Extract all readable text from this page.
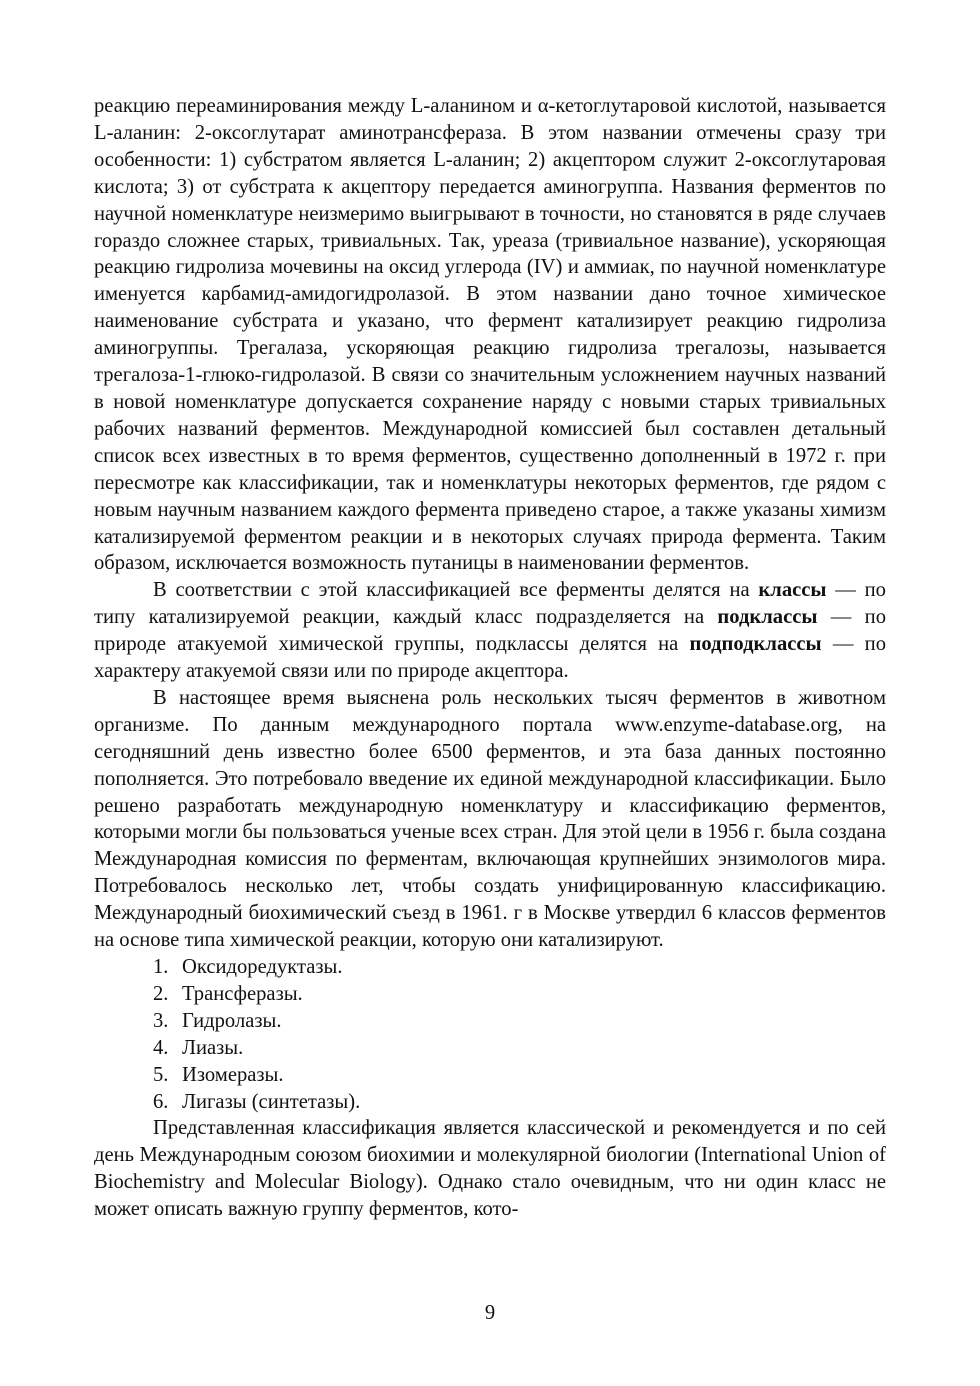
реакцию переаминирования между L-аланином и α-кетоглутаровой кислотой, называется L-аланин: 2-оксоглутарат аминотрансфераза. В этом названии отмечены сразу три особенности: 1) субстратом является L-аланин; 2) акцептором служит 2-оксоглутаровая кислота; 3) от субстрата к акцептору передается аминогруппа. Названия ферментов по научной номенклатуре неизмеримо выигрывают в точности, но становятся в ряде случаев гораздо сложнее старых, тривиальных. Так, уреаза (тривиальное название), ускоряющая реакцию гидролиза мочевины на оксид углерода (IV) и аммиак, по научной номенклатуре именуется карбамид-амидогидролазой. В этом названии дано точное химическое наименование субстрата и указано, что фермент катализирует реакцию гидролиза аминогруппы. Трегалаза, ускоряющая реакцию гидролиза трегалозы, называется трегалоза-1-глюко-гидролазой. В связи со значительным усложнением научных названий в новой номенклатуре допускается сохранение наряду с новыми старых тривиальных рабочих названий ферментов. Международной комиссией был составлен детальный список всех известных в то время ферментов, существенно дополненный в 1972 г. при пересмотре как классификации, так и номенклатуры некоторых ферментов, где рядом с новым научным названием каждого фермента приведено старое, а также указаны химизм катализируемой ферментом реакции и в некоторых случаях природа фермента. Таким образом, исключается возможность путаницы в наименовании ферментов.

В соответствии с этой классификацией все ферменты делятся на классы — по типу катализируемой реакции, каждый класс подразделяется на подклассы — по природе атакуемой химической группы, подклассы делятся на подподклассы — по характеру атакуемой связи или по природе акцептора.

В настоящее время выяснена роль нескольких тысяч ферментов в животном организме. По данным международного портала www.enzyme-database.org, на сегодняшний день известно более 6500 ферментов, и эта база данных постоянно пополняется. Это потребовало введение их единой международной классификации. Было решено разработать международную номенклатуру и классификацию ферментов, которыми могли бы пользоваться ученые всех стран. Для этой цели в 1956 г. была создана Международная комиссия по ферментам, включающая крупнейших энзимологов мира. Потребовалось несколько лет, чтобы создать унифицированную классификацию. Международный биохимический съезд в 1961. г в Москве утвердил 6 классов ферментов на основе типа химической реакции, которую они катализируют.

1. Оксидоредуктазы.
2. Трансферазы.
3. Гидролазы.
4. Лиазы.
5. Изомеразы.
6. Лигазы (синтетазы).

Представленная классификация является классической и рекомендуется и по сей день Международным союзом биохимии и молекулярной биологии (International Union of Biochemistry and Molecular Biology). Однако стало очевидным, что ни один класс не может описать важную группу ферментов, кото-

9
